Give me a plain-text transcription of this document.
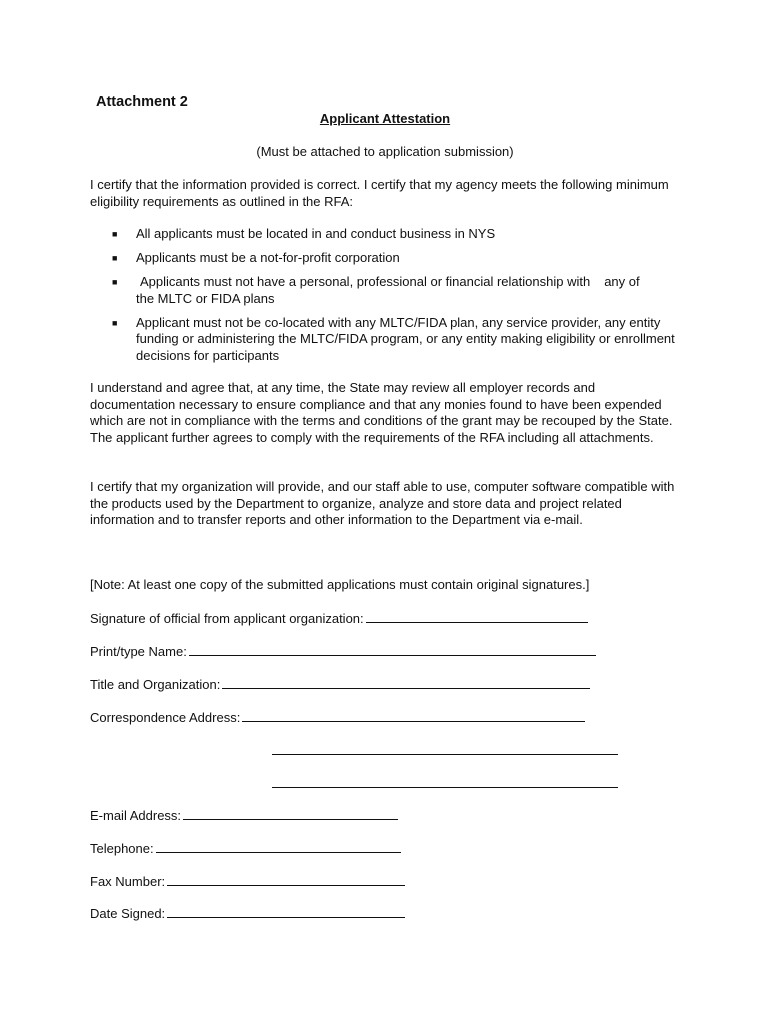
Attachment 2
Applicant Attestation
(Must be attached to application submission)
I certify that the information provided is correct. I certify that my agency meets the following minimum eligibility requirements as outlined in the RFA:
■ All applicants must be located in and conduct business in NYS
■ Applicants must be a not-for-profit corporation
■ Applicants must not have a personal, professional or financial relationship with any of
the MLTC or FIDA plans
■ Applicant must not be co-located with any MLTC/FIDA plan, any service provider, any entity funding or administering the MLTC/FIDA program, or any entity making eligibility or enrollment decisions for participants
I understand and agree that, at any time, the State may review all employer records and documentation necessary to ensure compliance and that any monies found to have been expended which are not in compliance with the terms and conditions of the grant may be recouped by the State. The applicant further agrees to comply with the requirements of the RFA including all attachments.
I certify that my organization will provide, and our staff able to use, computer software compatible with the products used by the Department to organize, analyze and store data and project related information and to transfer reports and other information to the Department via e-mail.
[Note: At least one copy of the submitted applications must contain original signatures.]
Signature of official from applicant organization:
Print/type Name:
Title and Organization:
Correspondence Address:
E-mail Address:
Telephone:
Fax Number:
Date Signed:
